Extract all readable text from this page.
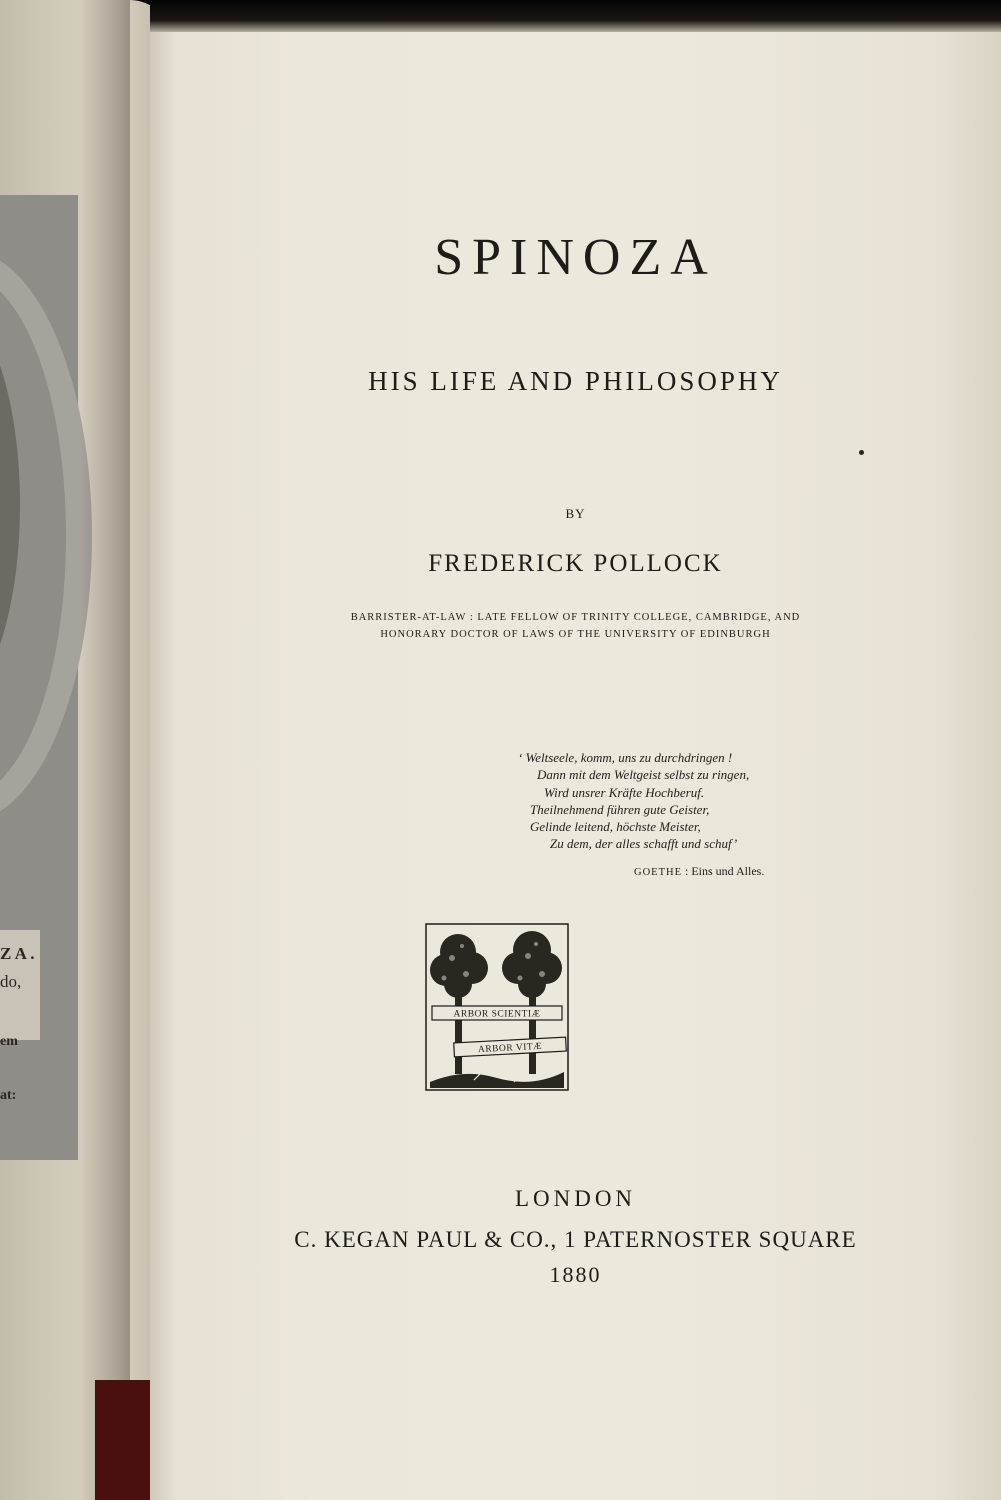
Z A .
do,
em
at:
SPINOZA
HIS LIFE AND PHILOSOPHY
BY
FREDERICK POLLOCK
BARRISTER-AT-LAW : LATE FELLOW OF TRINITY COLLEGE, CAMBRIDGE, AND
HONORARY DOCTOR OF LAWS OF THE UNIVERSITY OF EDINBURGH
‘ Weltseele, komm, uns zu durchdringen !
Dann mit dem Weltgeist selbst zu ringen,
Wird unsrer Kräfte Hochberuf.
Theilnehmend führen gute Geister,
Gelinde leitend, höchste Meister,
Zu dem, der alles schafft und schuf’
GOETHE : Eins und Alles.
ARBOR SCIENTIÆ
ARBOR VITÆ
LONDON
C. KEGAN PAUL & CO., 1 PATERNOSTER SQUARE
1880
